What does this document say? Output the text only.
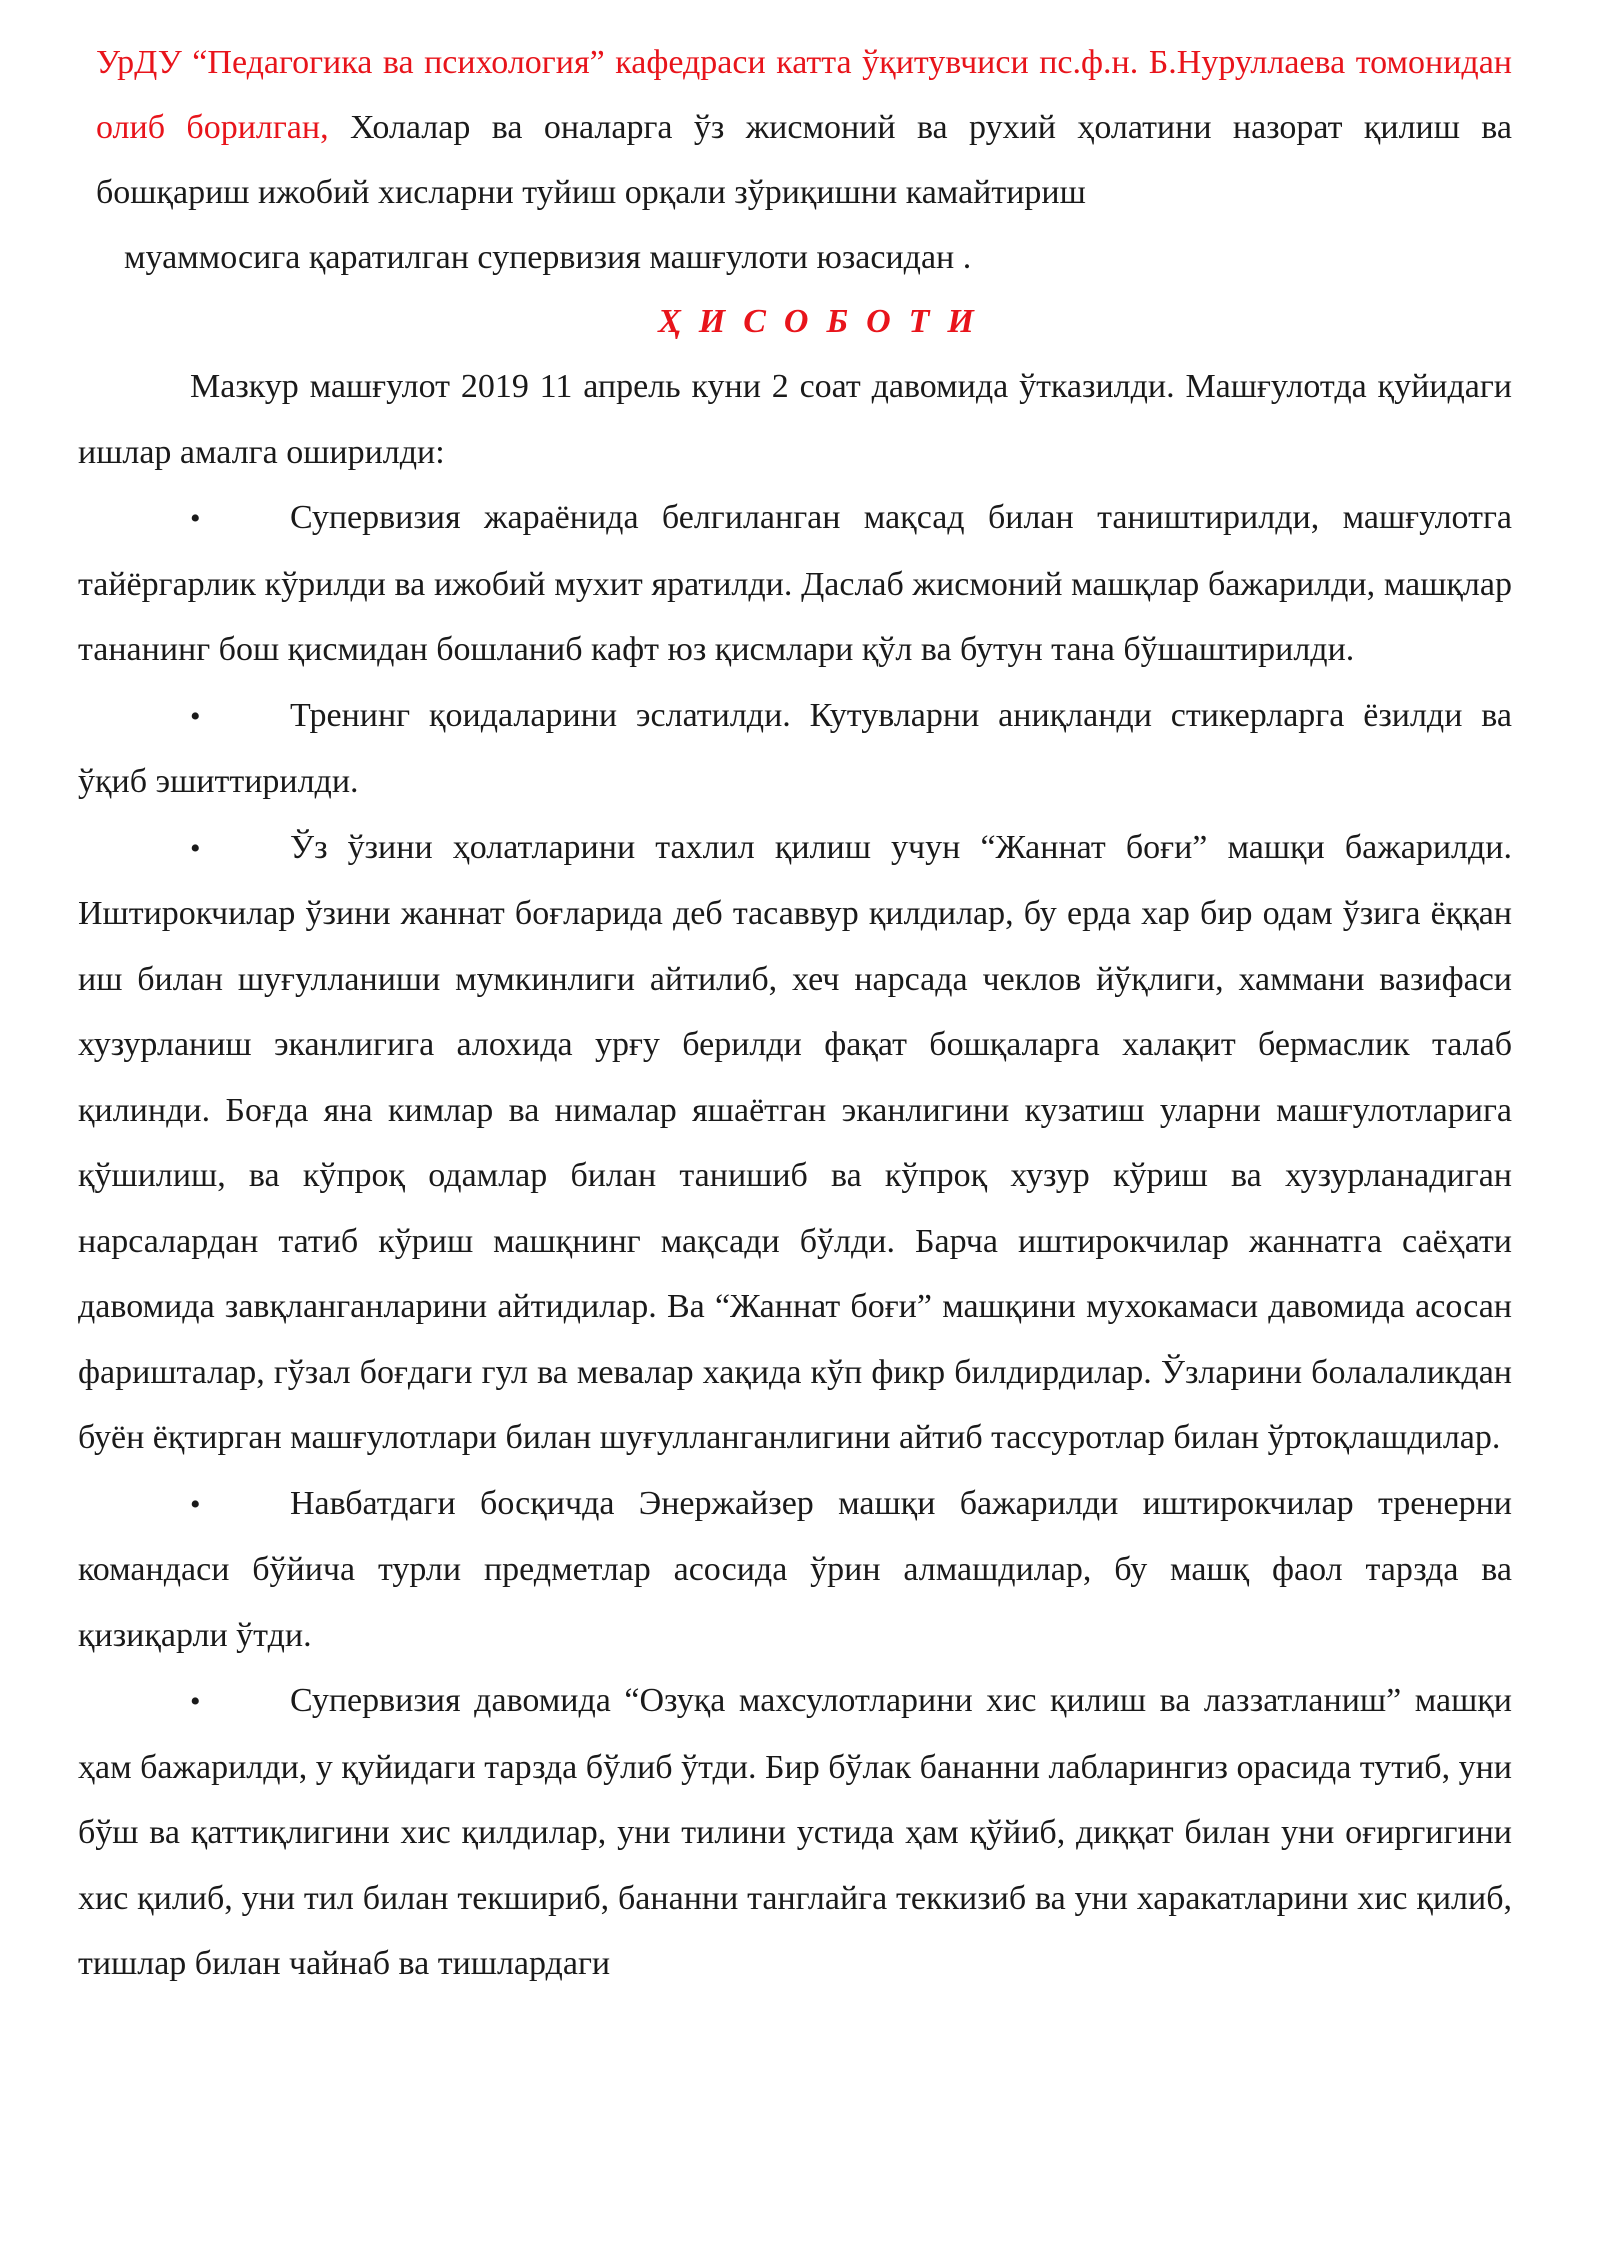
УрДУ “Педагогика ва психология” кафедраси катта ўқитувчиси пс.ф.н. Б.Нуруллаева томонидан олиб борилган, Холалар ва оналарга ўз жисмоний ва рухий ҳолатини назорат қилиш ва бошқариш ижобий хисларни туйиш орқали зўриқишни камайтириш
муаммосига қаратилган супервизия машғулоти юзасидан .
ҲИСОБОТИ

Мазкур машғулот 2019 11 апрель куни 2 соат давомида ўтказилди. Машғулотда қуйидаги ишлар амалга оширилди:

•	Супервизия жараёнида белгиланган мақсад билан таништирилди, машғулотга тайёргарлик кўрилди ва ижобий мухит яратилди. Даслаб жисмоний машқлар бажарилди, машқлар тананинг бош қисмидан бошланиб кафт юз қисмлари қўл ва бутун тана бўшаштирилди.

•	Тренинг қоидаларини эслатилди. Кутувларни аниқланди стикерларга ёзилди ва ўқиб эшиттирилди.

•	Ўз ўзини ҳолатларини тахлил қилиш учун “Жаннат боғи” машқи бажарилди. Иштирокчилар ўзини жаннат боғларида деб тасаввур қилдилар, бу ерда хар бир одам ўзига ёққан иш билан шуғулланиши мумкинлиги айтилиб, хеч нарсада чеклов йўқлиги, хаммани вазифаси хузурланиш эканлигига алохида урғу берилди фақат бошқаларга халақит бермаслик талаб қилинди. Боғда яна кимлар ва нималар яшаётган эканлигини кузатиш уларни машғулотларига қўшилиш, ва кўпроқ одамлар билан танишиб ва кўпроқ хузур кўриш ва хузурланадиган нарсалардан татиб кўриш машқнинг мақсади бўлди. Барча иштирокчилар жаннатга саёҳати давомида завқланганларини айтидилар. Ва “Жаннат боғи” машқини мухокамаси давомида асосан фаришталар, гўзал боғдаги гул ва мевалар хақида кўп фикр билдирдилар. Ўзларини болалаликдан буён ёқтирган машғулотлари билан шуғулланганлигини айтиб тассуротлар билан ўртоқлашдилар.

•	Навбатдаги босқичда Энержайзер машқи бажарилди иштирокчилар тренерни командаси бўйича турли предметлар асосида ўрин алмашдилар, бу машқ фаол тарзда ва қизиқарли ўтди.

•	Супервизия давомида “Озуқа махсулотларини хис қилиш ва лаззатланиш” машқи ҳам бажарилди, у қуйидаги тарзда бўлиб ўтди. Бир бўлак бананни лабларингиз орасида тутиб, уни бўш ва қаттиқлигини хис қилдилар, уни тилини устида ҳам қўйиб, диққат билан уни оғиргигини хис қилиб, уни тил билан текшириб, бананни танглайга теккизиб ва уни харакатларини хис қилиб, тишлар билан чайнаб ва тишлардаги
